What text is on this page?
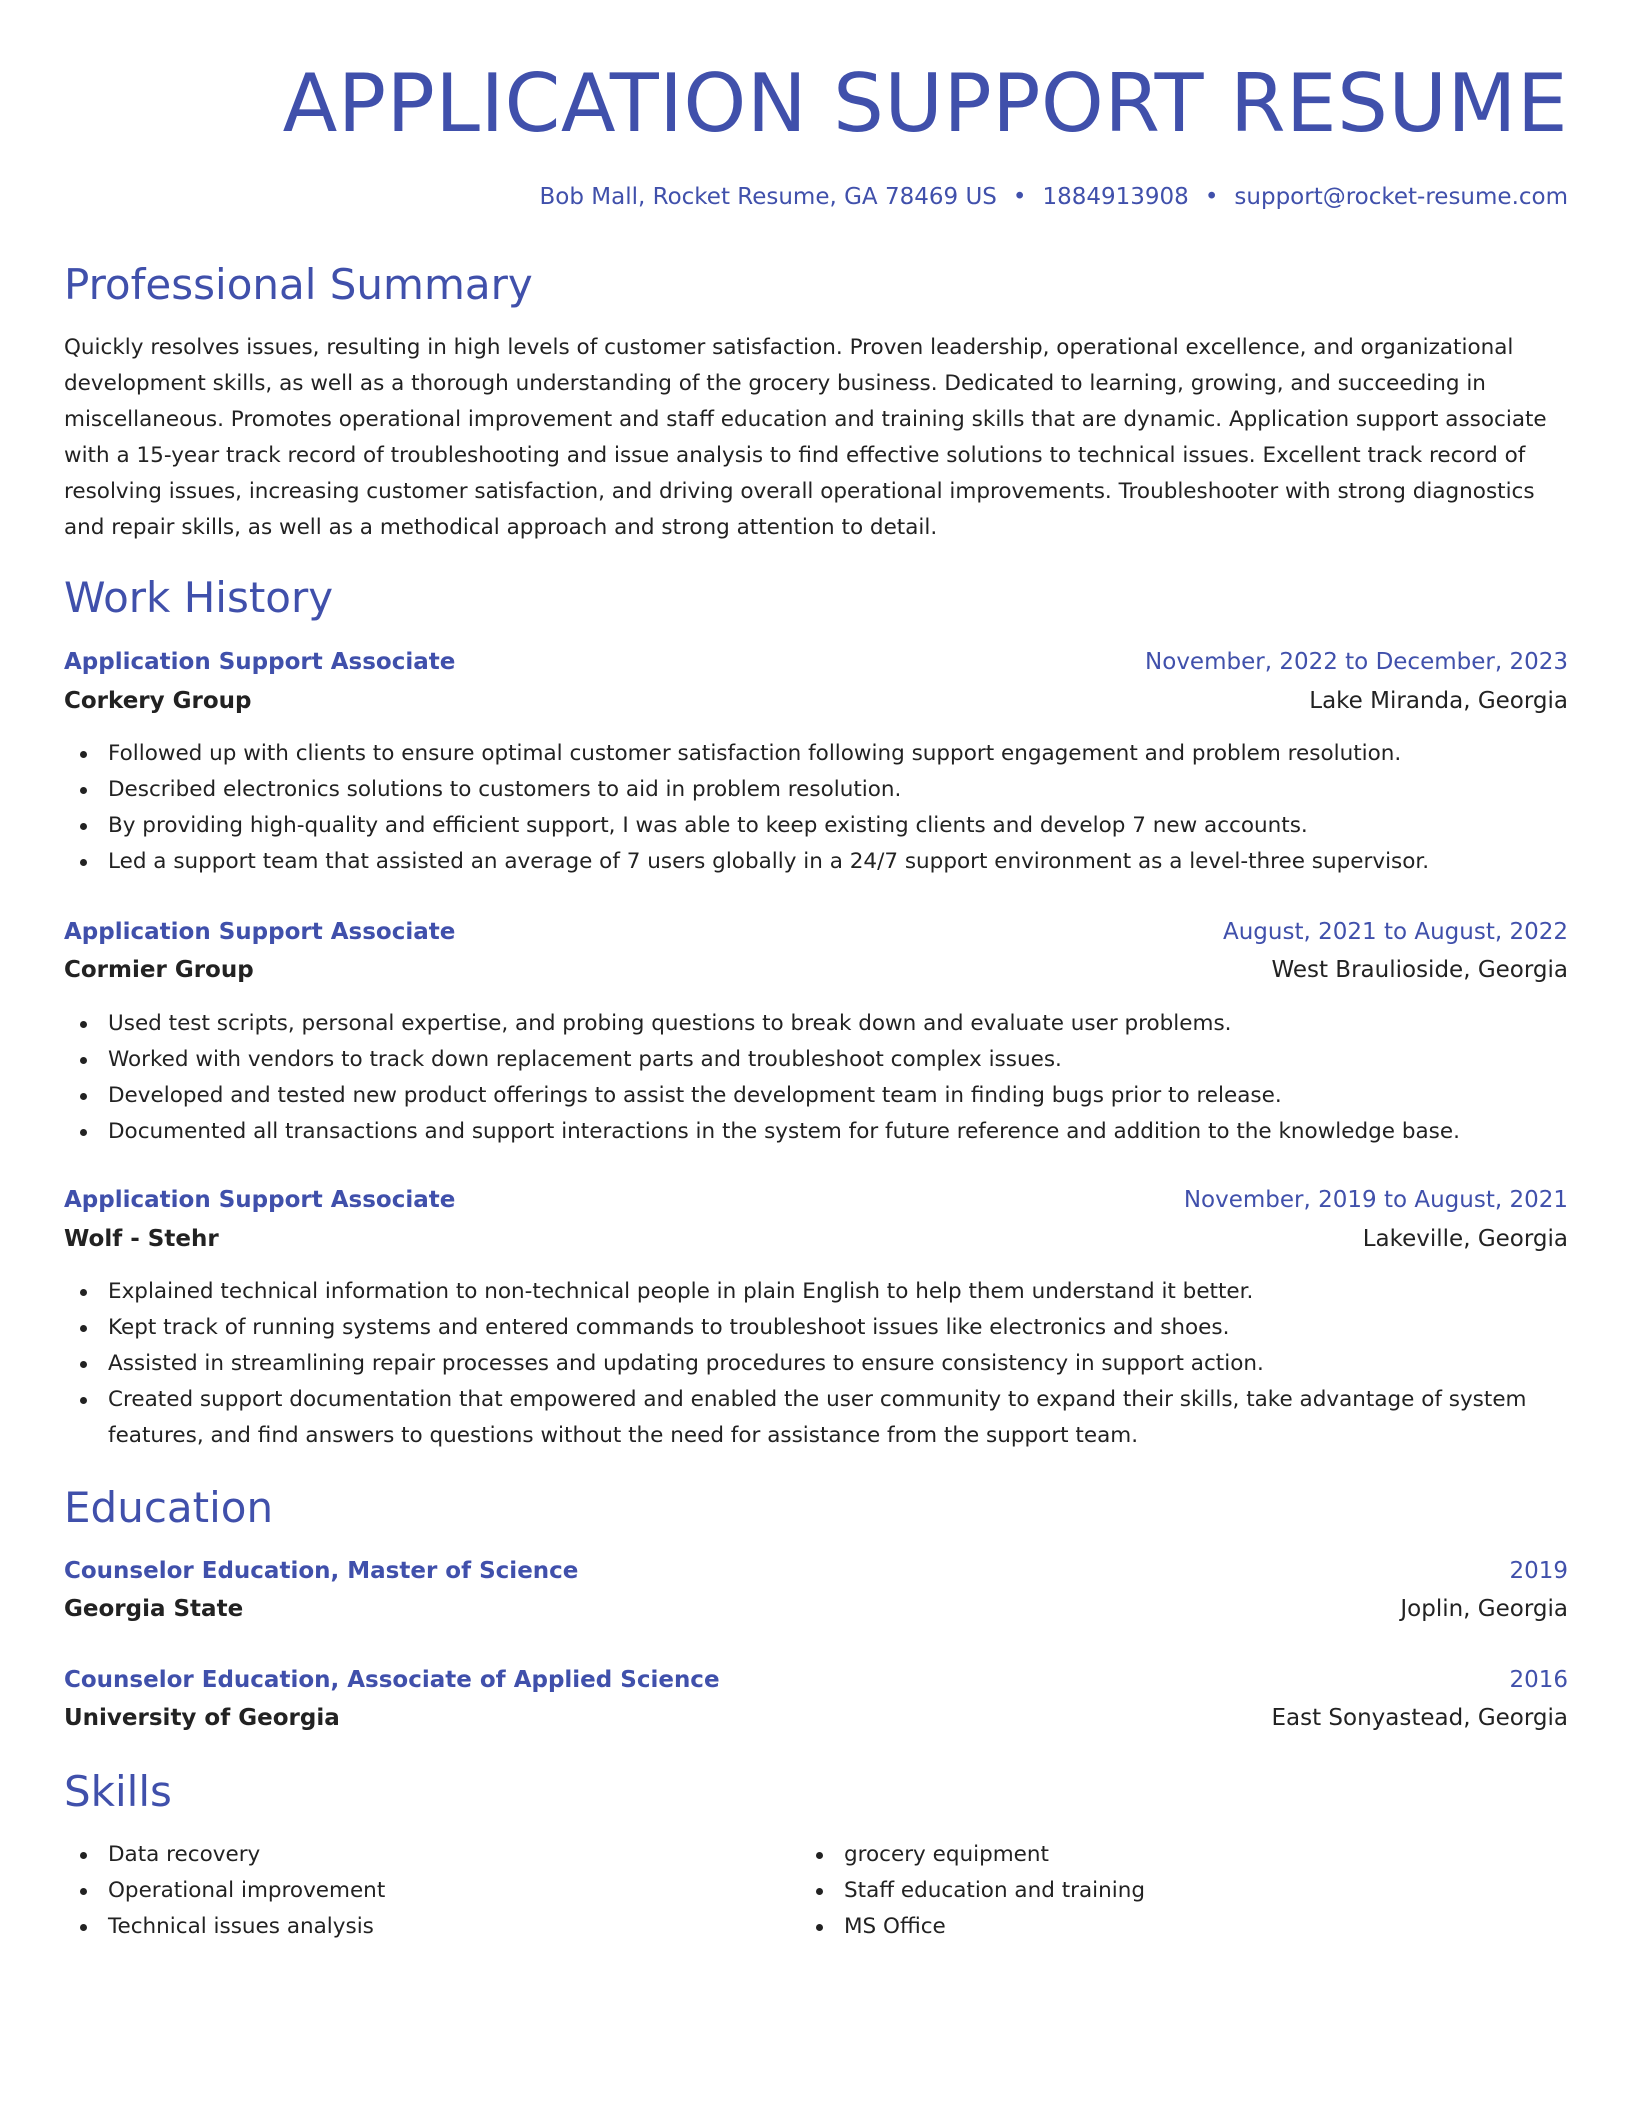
APPLICATION SUPPORT RESUME
Bob Mall, Rocket Resume, GA 78469 US • 1884913908 • support@rocket-resume.com
Professional Summary

Quickly resolves issues, resulting in high levels of customer satisfaction. Proven leadership, operational excellence, and organizational development skills, as well as a thorough understanding of the grocery business. Dedicated to learning, growing, and succeeding in miscellaneous. Promotes operational improvement and staff education and training skills that are dynamic. Application support associate with a 15-year track record of troubleshooting and issue analysis to find effective solutions to technical issues. Excellent track record of resolving issues, increasing customer satisfaction, and driving overall operational improvements. Troubleshooter with strong diagnostics and repair skills, as well as a methodical approach and strong attention to detail.

Work History
Application Support Associate	November, 2022 to December, 2023
Corkery Group	Lake Miranda, Georgia
Followed up with clients to ensure optimal customer satisfaction following support engagement and problem resolution.
Described electronics solutions to customers to aid in problem resolution.
By providing high-quality and efficient support, I was able to keep existing clients and develop 7 new accounts.
Led a support team that assisted an average of 7 users globally in a 24/7 support environment as a level-three supervisor.
Application Support Associate	August, 2021 to August, 2022
Cormier Group	West Braulioside, Georgia
Used test scripts, personal expertise, and probing questions to break down and evaluate user problems.
Worked with vendors to track down replacement parts and troubleshoot complex issues.
Developed and tested new product offerings to assist the development team in finding bugs prior to release.
Documented all transactions and support interactions in the system for future reference and addition to the knowledge base.
Application Support Associate	November, 2019 to August, 2021
Wolf - Stehr	Lakeville, Georgia
Explained technical information to non-technical people in plain English to help them understand it better.
Kept track of running systems and entered commands to troubleshoot issues like electronics and shoes.
Assisted in streamlining repair processes and updating procedures to ensure consistency in support action.
Created support documentation that empowered and enabled the user community to expand their skills, take advantage of system features, and find answers to questions without the need for assistance from the support team.
Education
Counselor Education, Master of Science	2019
Georgia State	Joplin, Georgia
Counselor Education, Associate of Applied Science	2016
University of Georgia	East Sonyastead, Georgia
Skills
Data recovery
Operational improvement
Technical issues analysis
grocery equipment
Staff education and training
MS Office
